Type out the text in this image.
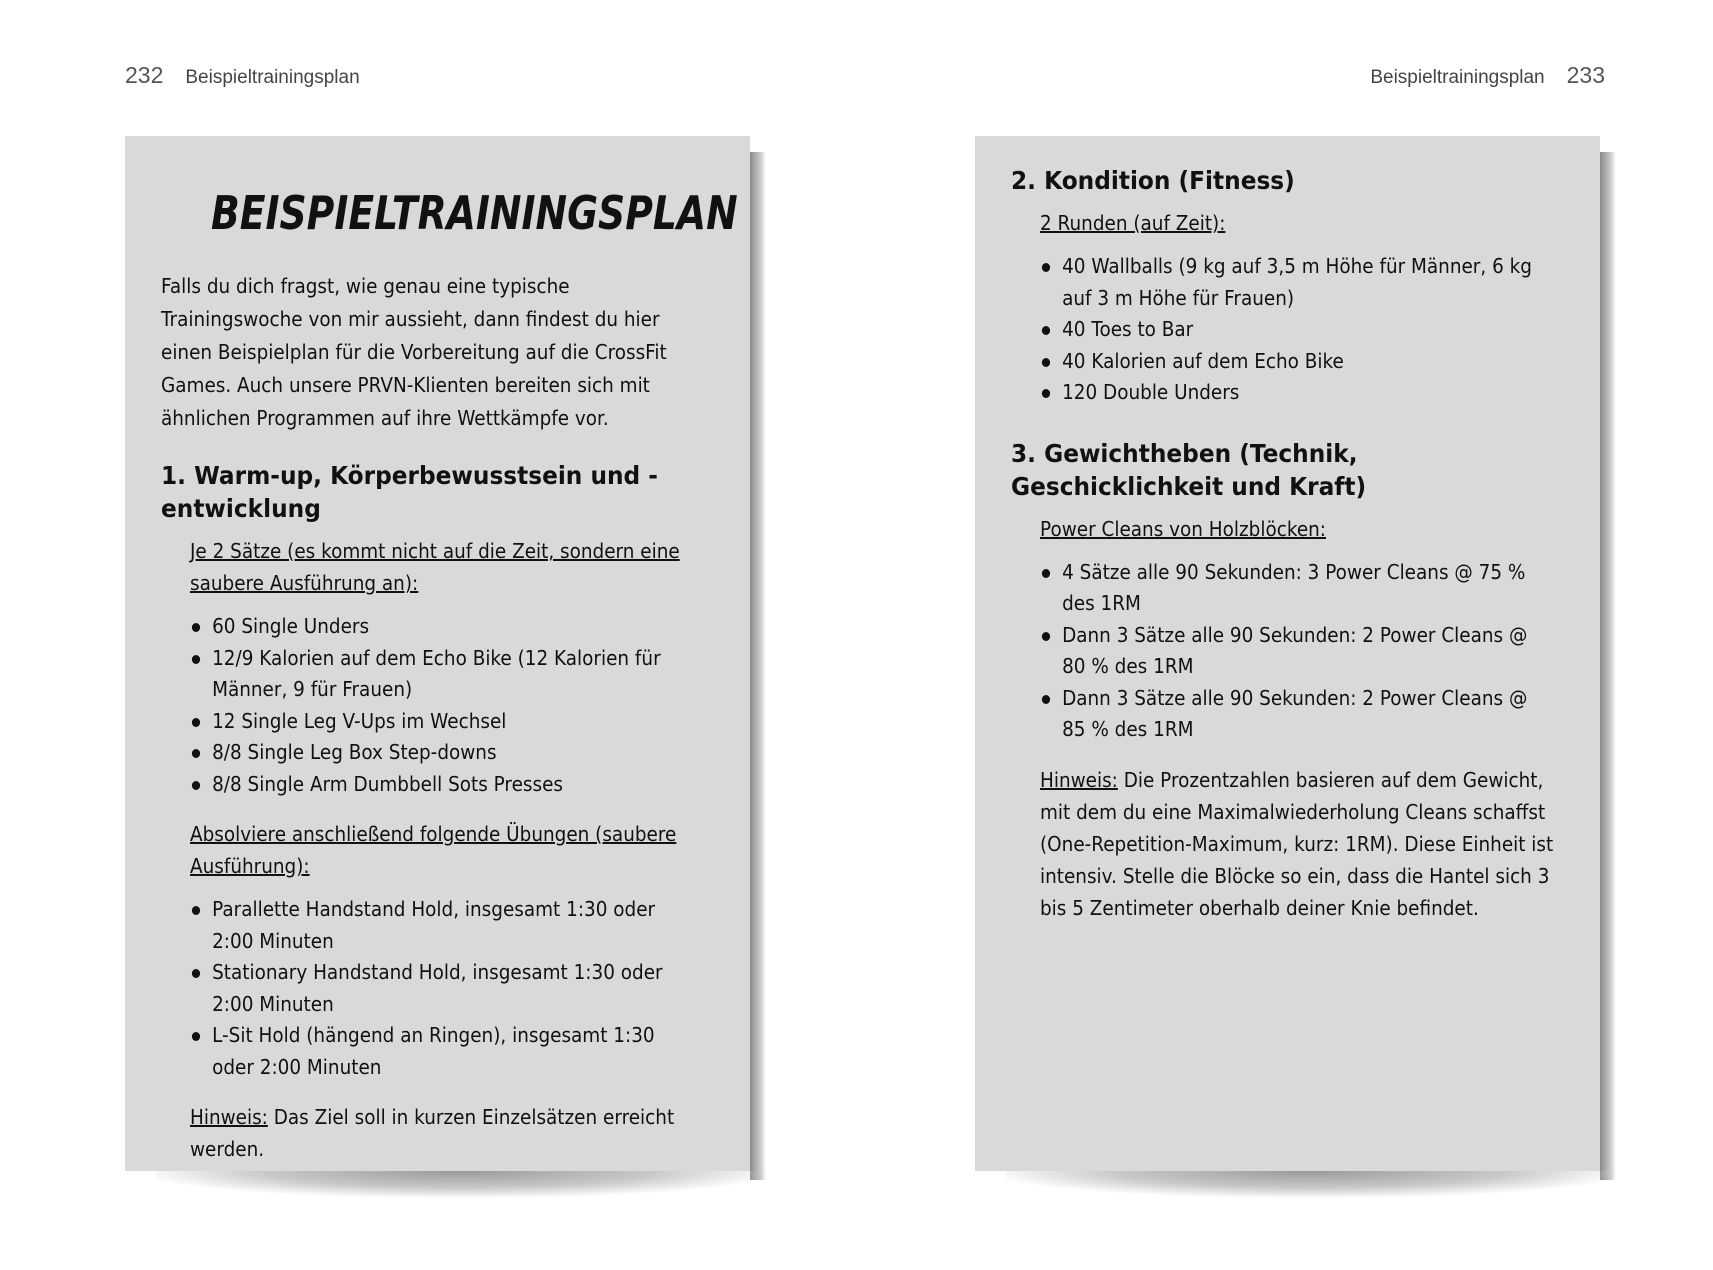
232 Beispieltrainingsplan	Beispieltrainingsplan 233
BEISPIELTRAININGSPLAN

Falls du dich fragst, wie genau eine typische Trainingswoche von mir aussieht, dann findest du hier einen Beispielplan für die Vorbereitung auf die CrossFit Games. Auch unsere PRVN-Klienten bereiten sich mit ähnlichen Programmen auf ihre Wettkämpfe vor.

1. Warm-up, Körperbewusstsein und -entwicklung

Je 2 Sätze (es kommt nicht auf die Zeit, sondern eine saubere Ausführung an):

60 Single Unders
12/9 Kalorien auf dem Echo Bike (12 Kalorien für Männer, 9 für Frauen)
12 Single Leg V-Ups im Wechsel
8/8 Single Leg Box Step-downs
8/8 Single Arm Dumbbell Sots Presses

Absolviere anschließend folgende Übungen (saubere Ausführung):

Parallette Handstand Hold, insgesamt 1:30 oder 2:00 Minuten
Stationary Handstand Hold, insgesamt 1:30 oder 2:00 Minuten
L-Sit Hold (hängend an Ringen), insgesamt 1:30 oder 2:00 Minuten

Hinweis: Das Ziel soll in kurzen Einzelsätzen erreicht werden.

2. Kondition (Fitness)

2 Runden (auf Zeit):

40 Wallballs (9 kg auf 3,5 m Höhe für Männer, 6 kg auf 3 m Höhe für Frauen)
40 Toes to Bar
40 Kalorien auf dem Echo Bike
120 Double Unders
3. Gewichtheben (Technik, Geschicklichkeit und Kraft)

Power Cleans von Holzblöcken:

4 Sätze alle 90 Sekunden: 3 Power Cleans @ 75 % des 1RM
Dann 3 Sätze alle 90 Sekunden: 2 Power Cleans @ 80 % des 1RM
Dann 3 Sätze alle 90 Sekunden: 2 Power Cleans @ 85 % des 1RM

Hinweis: Die Prozentzahlen basieren auf dem Gewicht, mit dem du eine Maximalwiederholung Cleans schaffst (One-Repetition-Maximum, kurz: 1RM). Diese Einheit ist intensiv. Stelle die Blöcke so ein, dass die Hantel sich 3 bis 5 Zentimeter oberhalb deiner Knie befindet.
